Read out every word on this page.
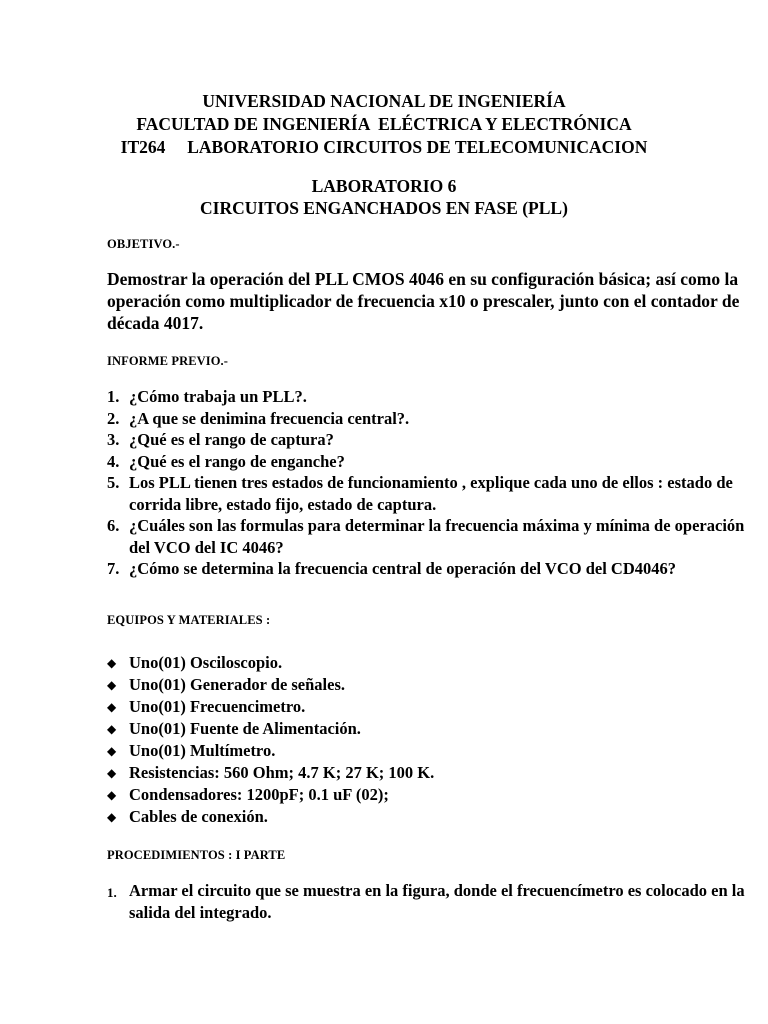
UNIVERSIDAD NACIONAL DE INGENIERÍA
FACULTAD DE INGENIERÍA  ELÉCTRICA Y ELECTRÓNICA
IT264     LABORATORIO CIRCUITOS DE TELECOMUNICACION
LABORATORIO 6
CIRCUITOS ENGANCHADOS EN FASE (PLL)
OBJETIVO.-
Demostrar la operación del PLL CMOS 4046 en su configuración básica; así como la operación como multiplicador de frecuencia x10 o prescaler, junto con el contador de década 4017.
INFORME PREVIO.-
1. ¿Cómo trabaja un PLL?.
2. ¿A que se denimina frecuencia central?.
3. ¿Qué es el rango de captura?
4. ¿Qué es el rango de enganche?
5. Los PLL tienen tres estados de funcionamiento , explique cada uno de ellos : estado de corrida libre, estado fijo, estado de captura.
6. ¿Cuáles son las formulas para determinar la frecuencia máxima y mínima de operación del VCO del IC 4046?
7. ¿Cómo se determina la frecuencia central de operación del VCO del CD4046?
EQUIPOS Y MATERIALES :
◆ Uno(01) Osciloscopio.
◆ Uno(01) Generador de señales.
◆ Uno(01) Frecuencimetro.
◆ Uno(01) Fuente de Alimentación.
◆ Uno(01) Multímetro.
◆ Resistencias: 560 Ohm; 4.7 K; 27 K; 100 K.
◆ Condensadores: 1200pF; 0.1 uF (02);
◆ Cables de conexión.
PROCEDIMIENTOS : I PARTE
1. Armar el circuito que se muestra en la figura, donde el frecuencímetro es colocado en la salida del integrado.
